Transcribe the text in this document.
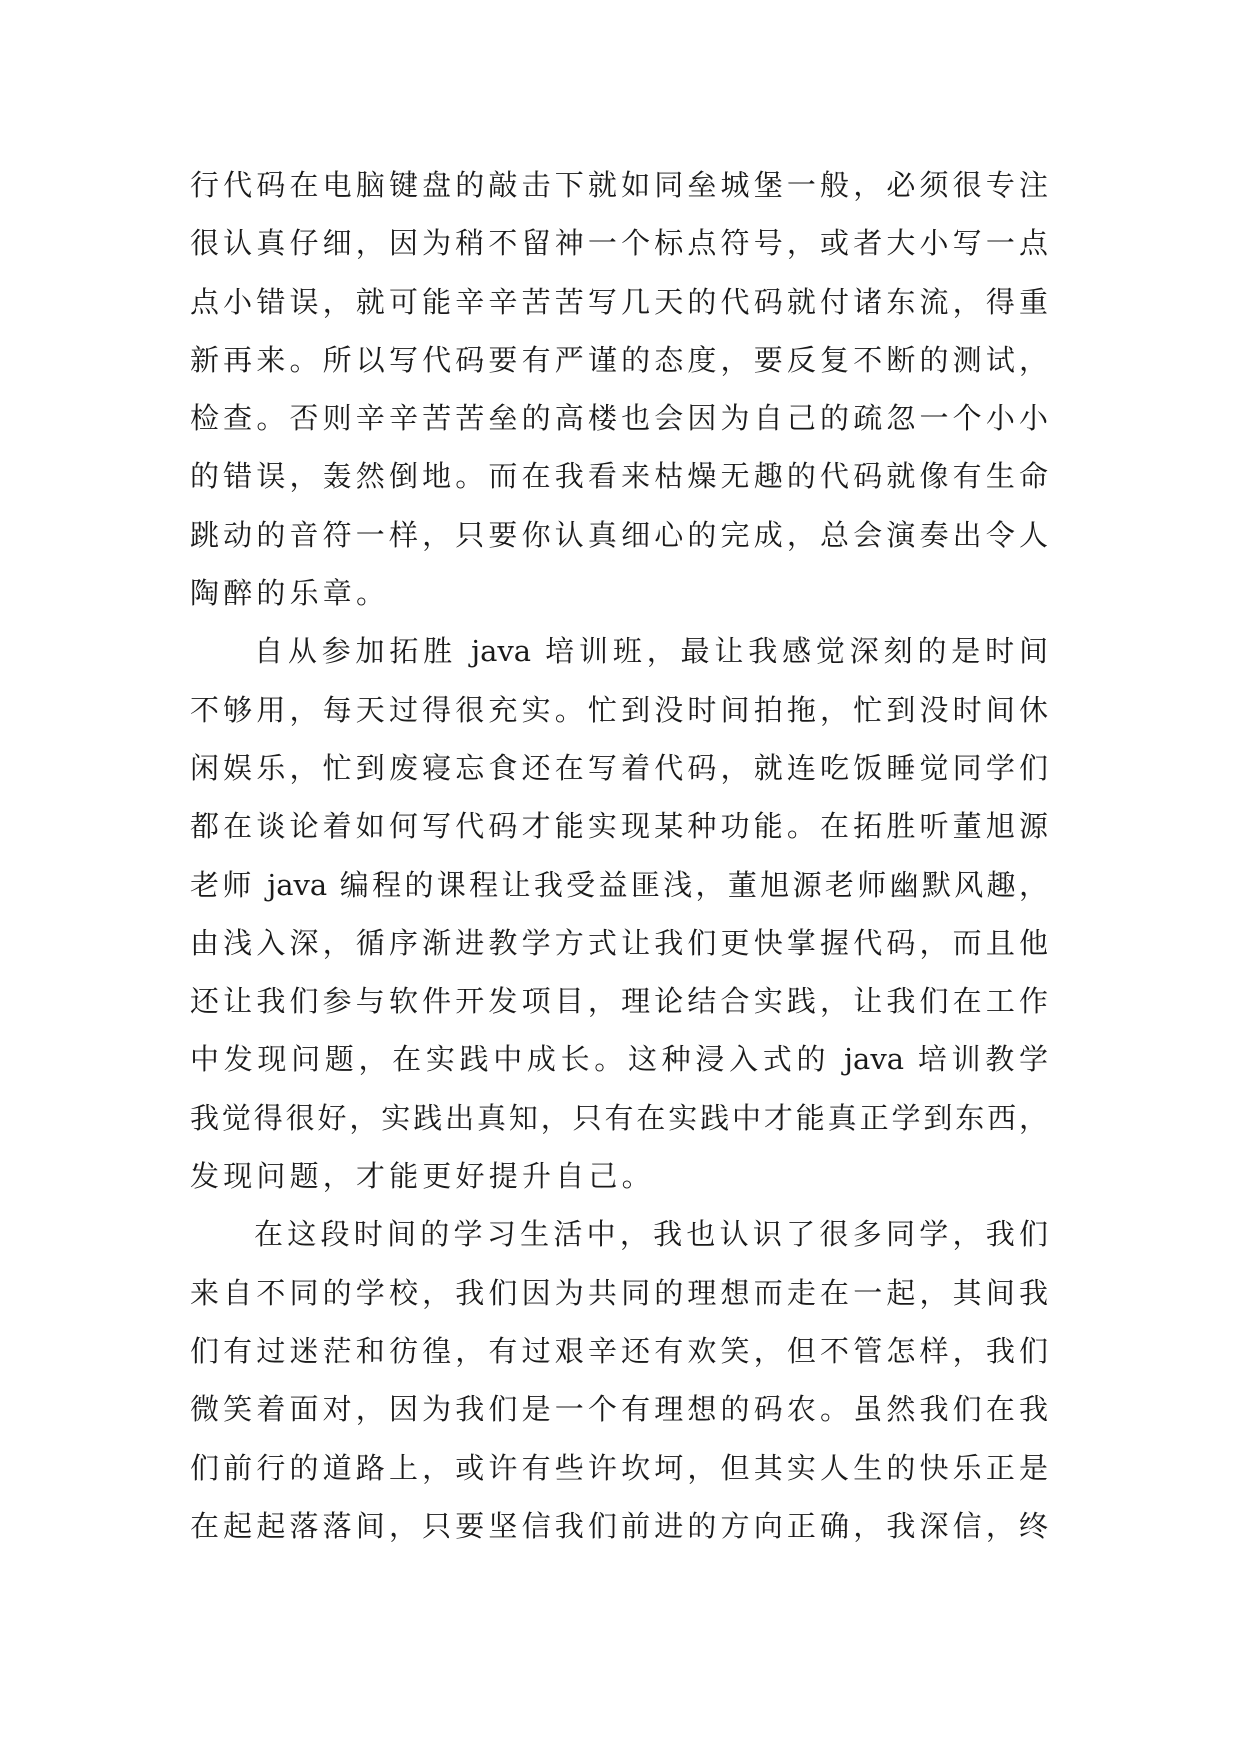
行代码在电脑键盘的敲击下就如同垒城堡一般，必须很专注
很认真仔细，因为稍不留神一个标点符号，或者大小写一点
点小错误，就可能辛辛苦苦写几天的代码就付诸东流，得重
新再来。所以写代码要有严谨的态度，要反复不断的测试，
检查。否则辛辛苦苦垒的高楼也会因为自己的疏忽一个小小
的错误，轰然倒地。而在我看来枯燥无趣的代码就像有生命
跳动的音符一样，只要你认真细心的完成，总会演奏出令人
陶醉的乐章。
自从参加拓胜 java 培训班，最让我感觉深刻的是时间
不够用，每天过得很充实。忙到没时间拍拖，忙到没时间休
闲娱乐，忙到废寝忘食还在写着代码，就连吃饭睡觉同学们
都在谈论着如何写代码才能实现某种功能。在拓胜听董旭源
老师 java 编程的课程让我受益匪浅，董旭源老师幽默风趣，
由浅入深，循序渐进教学方式让我们更快掌握代码，而且他
还让我们参与软件开发项目，理论结合实践，让我们在工作
中发现问题，在实践中成长。这种浸入式的 java 培训教学
我觉得很好，实践出真知，只有在实践中才能真正学到东西，
发现问题，才能更好提升自己。
在这段时间的学习生活中，我也认识了很多同学，我们
来自不同的学校，我们因为共同的理想而走在一起，其间我
们有过迷茫和彷徨，有过艰辛还有欢笑，但不管怎样，我们
微笑着面对，因为我们是一个有理想的码农。虽然我们在我
们前行的道路上，或许有些许坎坷，但其实人生的快乐正是
在起起落落间，只要坚信我们前进的方向正确，我深信，终
